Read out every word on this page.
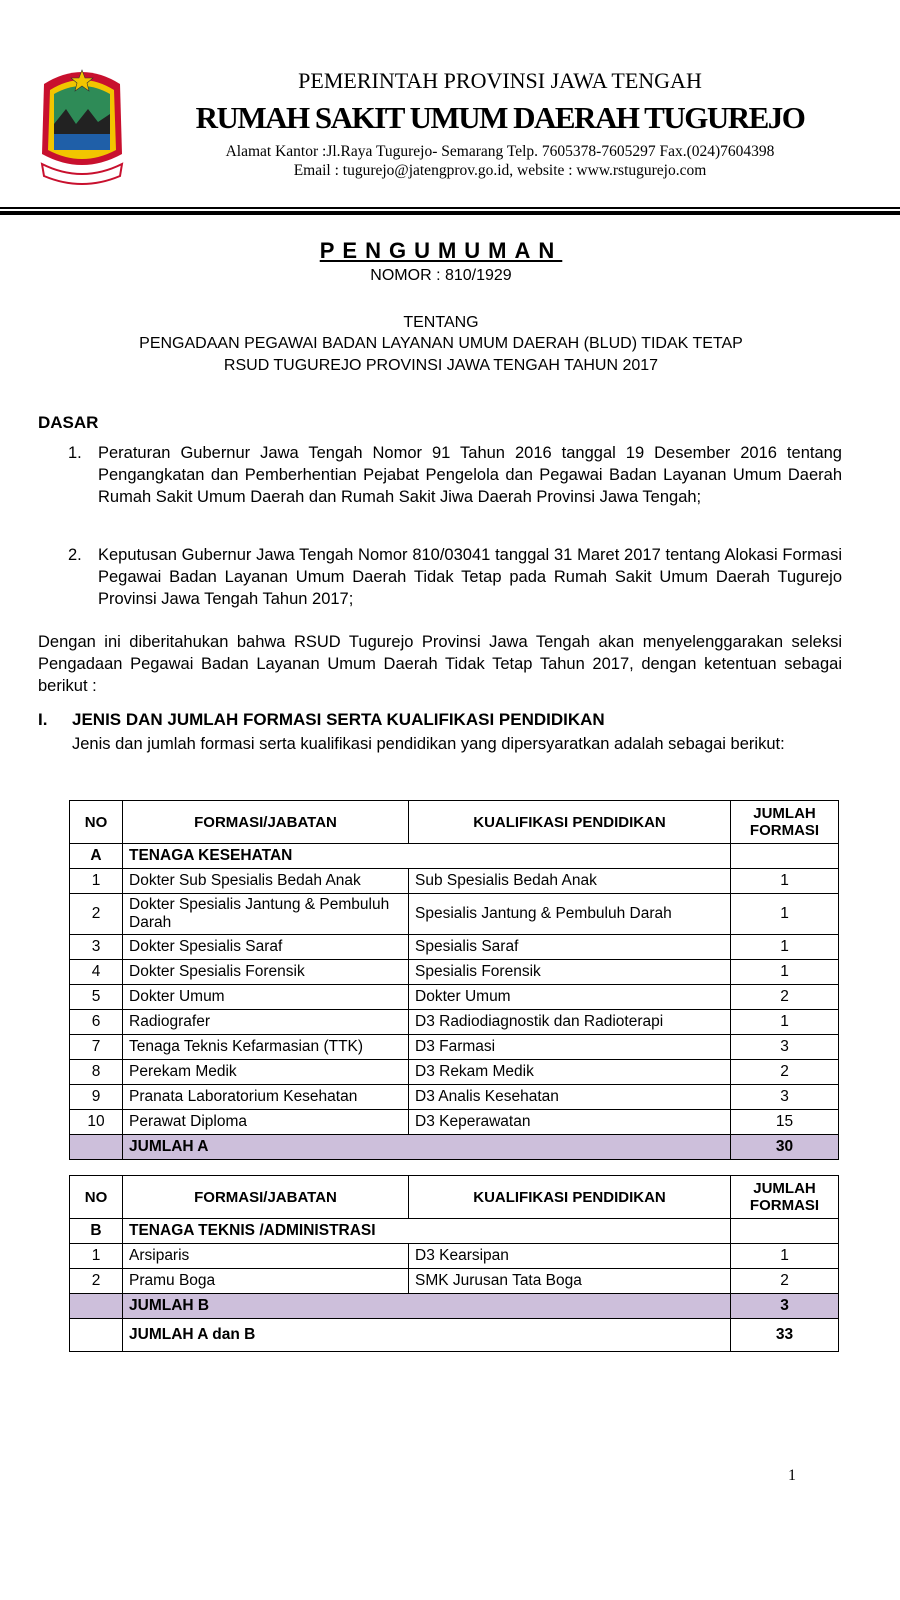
PEMERINTAH PROVINSI JAWA TENGAH
RUMAH SAKIT UMUM DAERAH TUGUREJO
Alamat Kantor :Jl.Raya Tugurejo- Semarang Telp. 7605378-7605297 Fax.(024)7604398
Email : tugurejo@jatengprov.go.id, website : www.rstugurejo.com
PENGUMUMAN
NOMOR : 810/1929
TENTANG
PENGADAAN PEGAWAI BADAN LAYANAN UMUM DAERAH (BLUD) TIDAK TETAP
RSUD TUGUREJO PROVINSI JAWA TENGAH TAHUN 2017
DASAR
1. Peraturan Gubernur Jawa Tengah Nomor 91 Tahun 2016 tanggal 19 Desember 2016 tentang Pengangkatan dan Pemberhentian Pejabat Pengelola dan Pegawai Badan Layanan Umum Daerah Rumah Sakit Umum Daerah dan Rumah Sakit Jiwa Daerah Provinsi Jawa Tengah;
2. Keputusan Gubernur Jawa Tengah Nomor 810/03041 tanggal 31 Maret 2017 tentang Alokasi Formasi Pegawai Badan Layanan Umum Daerah Tidak Tetap pada Rumah Sakit Umum Daerah Tugurejo Provinsi Jawa Tengah Tahun 2017;
Dengan ini diberitahukan bahwa RSUD Tugurejo Provinsi Jawa Tengah akan menyelenggarakan seleksi Pengadaan Pegawai Badan Layanan Umum Daerah Tidak Tetap Tahun 2017, dengan ketentuan sebagai berikut :
I. JENIS DAN JUMLAH FORMASI SERTA KUALIFIKASI PENDIDIKAN
Jenis dan jumlah formasi serta kualifikasi pendidikan yang dipersyaratkan adalah sebagai berikut:
NO	FORMASI/JABATAN	KUALIFIKASI PENDIDIKAN	JUMLAH
FORMASI
A	TENAGA KESEHATAN		
1	Dokter Sub Spesialis Bedah Anak	Sub Spesialis Bedah Anak	1
2	Dokter Spesialis Jantung & Pembuluh Darah	Spesialis Jantung & Pembuluh Darah	1
3	Dokter Spesialis Saraf	Spesialis Saraf	1
4	Dokter Spesialis Forensik	Spesialis Forensik	1
5	Dokter Umum	Dokter Umum	2
6	Radiografer	D3 Radiodiagnostik dan Radioterapi	1
7	Tenaga Teknis Kefarmasian (TTK)	D3 Farmasi	3
8	Perekam Medik	D3 Rekam Medik	2
9	Pranata Laboratorium Kesehatan	D3 Analis Kesehatan	3
10	Perawat Diploma	D3 Keperawatan	15
	JUMLAH A		30
NO	FORMASI/JABATAN	KUALIFIKASI PENDIDIKAN	JUMLAH
FORMASI
B	TENAGA TEKNIS /ADMINISTRASI		
1	Arsiparis	D3 Kearsipan	1
2	Pramu Boga	SMK Jurusan Tata Boga	2
	JUMLAH B		3
	JUMLAH A dan B		33
1
